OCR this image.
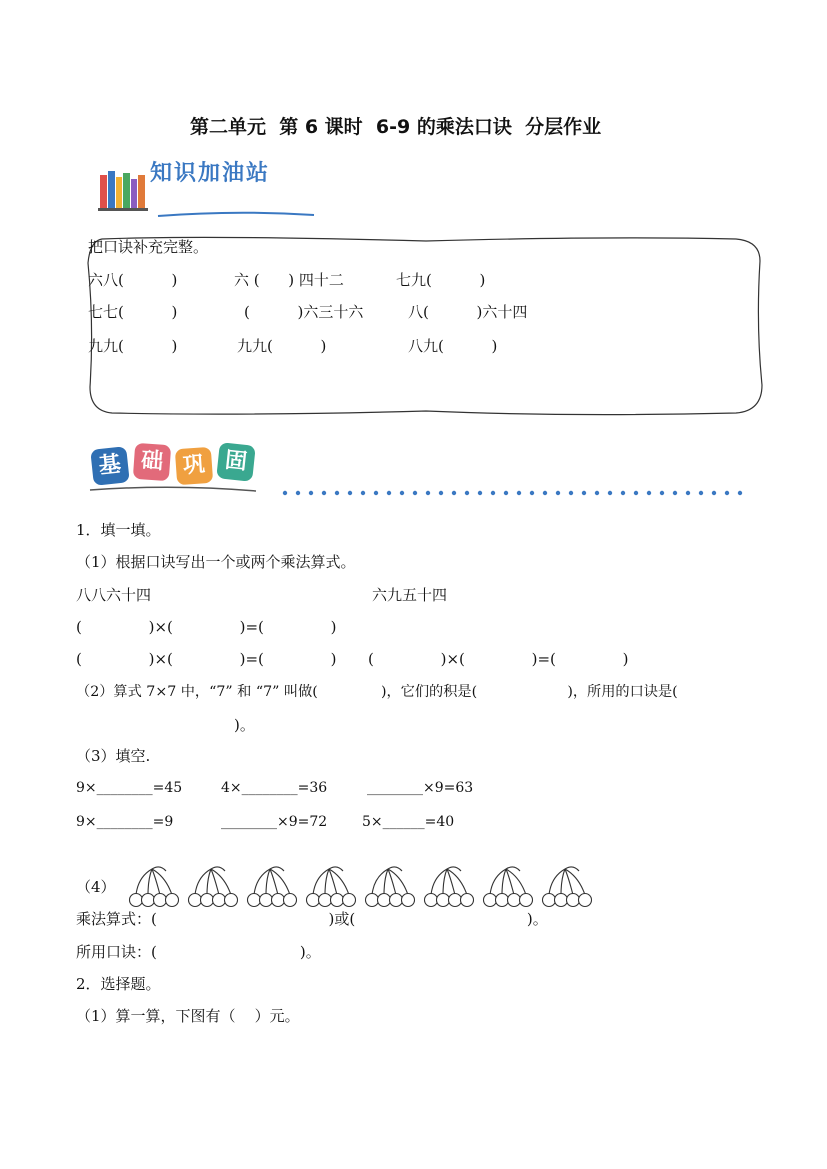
第二单元  第 6 课时  6-9 的乘法口诀  分层作业

知识加油站

把口诀补充完整。
六八(          )	六 (      ) 四十二	七九(          )
七七(          )	(          )六三十六	八(          )六十四
九九(          )	九九(          )	八九(          )

基

础

巩

固

1．填一填。
（1）根据口诀写出一个或两个乘法算式。
八八六十四	六九五十四
(              )×(              )=(              )
(              )×(              )=(              ) (              )×(              )=(              )
（2）算式 7×7 中，“7” 和 “7” 叫做(              )，它们的积是(                    )，所用的口诀是(
)。
（3）填空.
9×________=45	4×________=36	________×9=63
9×________=9	________×9=72 5×______=40
（4）

乘法算式：(                                    )或(                                    )。
所用口诀：(                              )。
2．选择题。
（1）算一算，下图有（    ）元。
